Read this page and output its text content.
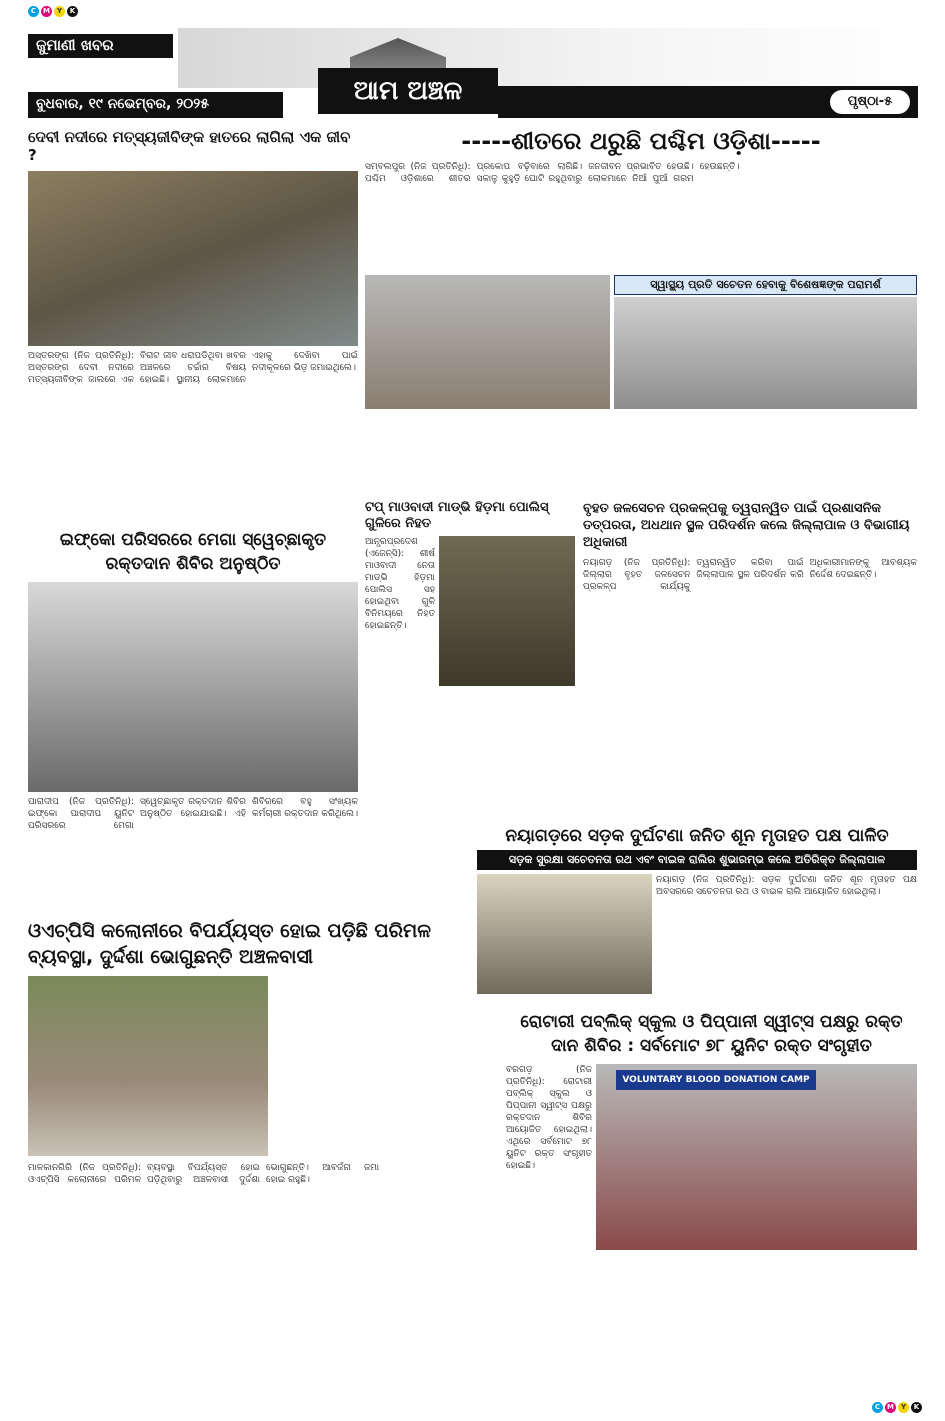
C M Y	K
C M Y	K
ଜୁମାଣୀ ଖବର
ବୁଧବାର, ୧୯ ନଭେମ୍ବର, ୨୦୨୫	ଆମ ଅଞ୍ଚଳ	ପୃଷ୍ଠା-୫
ଦେବୀ ନଦୀରେ ମତ୍ସ୍ୟଜୀବିଙ୍କ ହାତରେ ଲାଗିଲା ଏକ ଜୀବ ?
ଅସ୍ତରଙ୍ଗ (ନିଜ ପ୍ରତିନିଧି): ଅସ୍ତରଙ୍ଗ ଦେବୀ ନଦୀରେ ମତ୍ସ୍ୟଜୀବିଙ୍କ ଜାଲରେ ଏକ ବିରାଟ ଜୀବ ଧରାପଡିଥିବା ଖବର ଅଞ୍ଚଳରେ ଚର୍ଚ୍ଚାର ବିଷୟ ହୋଇଛି। ସ୍ଥାନୀୟ ଲୋକମାନେ ଏହାକୁ ଦେଖିବା ପାଇଁ ନଦୀକୂଳରେ ଭିଡ଼ ଜମାଇଥିଲେ।
-----ଶୀତରେ ଥରୁଛି ପଶ୍ଚିମ ଓଡ଼ିଶା-----
ସମ୍ବଲପୁର (ନିଜ ପ୍ରତିନିଧି): ପଶ୍ଚିମ ଓଡ଼ିଶାରେ ଶୀତର ପ୍ରକୋପ ବଢ଼ିବାରେ ଲାଗିଛି। ସକାଳୁ କୁହୁଡ଼ି ଘୋଟି ରହୁଥିବାରୁ ଜନଜୀବନ ପ୍ରଭାବିତ ହେଉଛି। ଲୋକମାନେ ନିଆଁ ପୁଆଁ ଗରମ ହେଉଛନ୍ତି।
ସ୍ୱାସ୍ଥ୍ୟ ପ୍ରତି ସଚେତନ ହେବାକୁ ବିଶେଷଜ୍ଞଙ୍କ ପରାମର୍ଶ
ଇଫ୍‌କୋ ପରିସରରେ ମେଗା ସ୍ୱେଚ୍ଛାକୃତ ରକ୍ତଦାନ ଶିବିର ଅନୁଷ୍ଠିତ
ପାରାଦୀପ (ନିଜ ପ୍ରତିନିଧି): ଇଫ୍‌କୋ ପାରାଦୀପ ୟୁନିଟ ପରିସରରେ ମେଗା ସ୍ୱେଚ୍ଛାକୃତ ରକ୍ତଦାନ ଶିବିର ଅନୁଷ୍ଠିତ ହୋଇଯାଇଛି। ଏହି ଶିବିରରେ ବହୁ ସଂଖ୍ୟକ କର୍ମଚାରୀ ରକ୍ତଦାନ କରିଥିଲେ।
ଟପ୍ ମାଓବାଦୀ ମାଡ୍‌ଭି ହିଡ଼ମା ପୋଲିସ୍ ଗୁଳିରେ ନିହତ
ଆନ୍ଧ୍ରପ୍ରଦେଶ (ଏଜେନ୍ସି): ଶୀର୍ଷ ମାଓବାଦୀ ନେତା ମାଡ୍‌ଭି ହିଡ଼ମା ପୋଲିସ ସହ ହୋଇଥିବା ଗୁଳି ବିନିମୟରେ ନିହତ ହୋଇଛନ୍ତି।
ବୃହତ ଜଳସେଚନ ପ୍ରକଳ୍ପକୁ ତ୍ୱରାନ୍ୱିତ ପାଇଁ ପ୍ରଶାସନିକ ତତ୍ପରତା, ଅଧଥାନ ସ୍ଥଳ ପରିଦର୍ଶନ କଲେ ଜିଲ୍ଲାପାଳ ଓ ବିଭାଗୀୟ ଅଧିକାରୀ
ନୟାଗଡ଼ (ନିଜ ପ୍ରତିନିଧି): ଜିଲ୍ଲାର ବୃହତ ଜଳସେଚନ ପ୍ରକଳ୍ପ କାର୍ଯ୍ୟକୁ ତ୍ୱରାନ୍ୱିତ କରିବା ପାଇଁ ଜିଲ୍ଲାପାଳ ସ୍ଥଳ ପରିଦର୍ଶନ କରି ଅଧିକାରୀମାନଙ୍କୁ ଆବଶ୍ୟକ ନିର୍ଦ୍ଦେଶ ଦେଇଛନ୍ତି।
ନୟାଗଡ଼ରେ ସଡ଼କ ଦୁର୍ଘଟଣା ଜନିତ ଶୂନ ମୃତାହତ ପକ୍ଷ ପାଳିତ
ସଡ଼କ ସୁରକ୍ଷା ସଚେତନତା ରଥ ଏବଂ ବାଇକ ରାଲିର ଶୁଭାରମ୍ଭ କଲେ ଅତିରିକ୍ତ ଜିଲ୍ଲାପାଳ
ନୟାଗଡ଼ (ନିଜ ପ୍ରତିନିଧି): ସଡ଼କ ଦୁର୍ଘଟଣା ଜନିତ ଶୂନ ମୃତାହତ ପକ୍ଷ ଅବସରରେ ସଚେତନତା ରଥ ଓ ବାଇକ ରାଲି ଆୟୋଜିତ ହୋଇଥିଲା।
ଓଏଚ୍‌ପିସି କଲୋନୀରେ ବିପର୍ଯ୍ୟସ୍ତ ହୋଇ ପଡ଼ିଛି ପରିମଳ ବ୍ୟବସ୍ଥା, ଦୁର୍ଦ୍ଦଶା ଭୋଗୁଛନ୍ତି ଅଞ୍ଚଳବାସୀ
ମାଳକାନଗିରି (ନିଜ ପ୍ରତିନିଧି): ଓଏଚ୍‌ପିସି କଲୋନୀରେ ପରିମଳ ବ୍ୟବସ୍ଥା ବିପର୍ଯ୍ୟସ୍ତ ହୋଇ ପଡ଼ିଥିବାରୁ ଅଞ୍ଚଳବାସୀ ଦୁର୍ଦ୍ଦଶା ଭୋଗୁଛନ୍ତି। ଆବର୍ଜନା ଜମା ହୋଇ ରହୁଛି।
ରୋଟାରୀ ପବ୍ଲିକ୍ ସ୍କୁଲ ଓ ପିପ୍ପାନୀ ସ୍ୱୀଟ୍ସ ପକ୍ଷରୁ ରକ୍ତ ଦାନ ଶିବିର : ସର୍ବମୋଟ ୭୮ ୟୁନିଟ ରକ୍ତ ସଂଗୃହୀତ
ବରଗଡ଼ (ନିଜ ପ୍ରତିନିଧି): ରୋଟାରୀ ପବ୍ଲିକ୍ ସ୍କୁଲ ଓ ପିପ୍ପାନୀ ସ୍ୱୀଟ୍ସ ପକ୍ଷରୁ ରକ୍ତଦାନ ଶିବିର ଆୟୋଜିତ ହୋଇଥିଲା। ଏଥିରେ ସର୍ବମୋଟ ୭୮ ୟୁନିଟ ରକ୍ତ ସଂଗୃହୀତ ହୋଇଛି।
VOLUNTARY BLOOD DONATION CAMP
